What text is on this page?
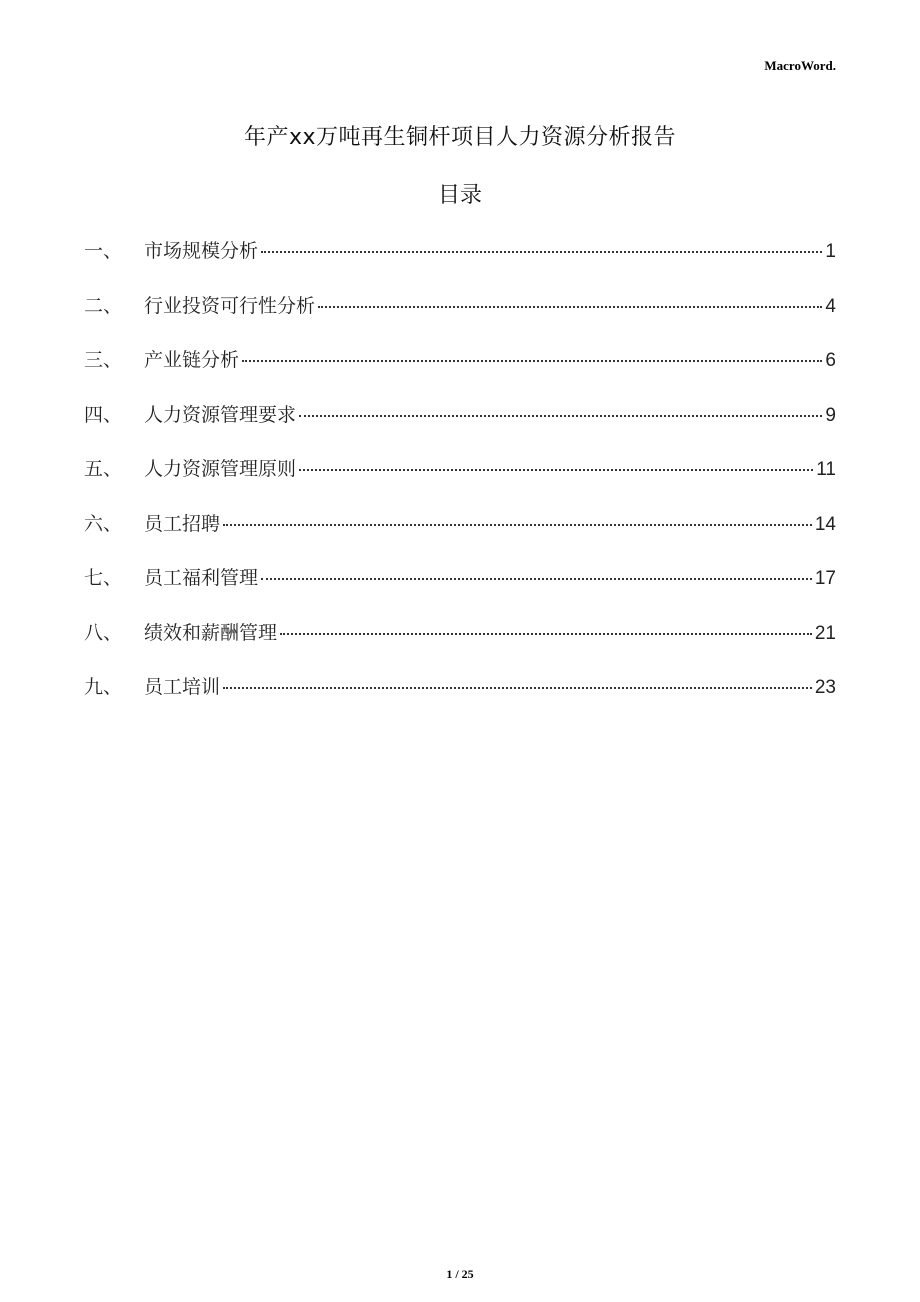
MacroWord.
年产xx万吨再生铜杆项目人力资源分析报告
目录
一、	市场规模分析	1
二、	行业投资可行性分析	4
三、	产业链分析	6
四、	人力资源管理要求	9
五、	人力资源管理原则	11
六、	员工招聘	14
七、	员工福利管理	17
八、	绩效和薪酬管理	21
九、	员工培训	23
1 / 25
